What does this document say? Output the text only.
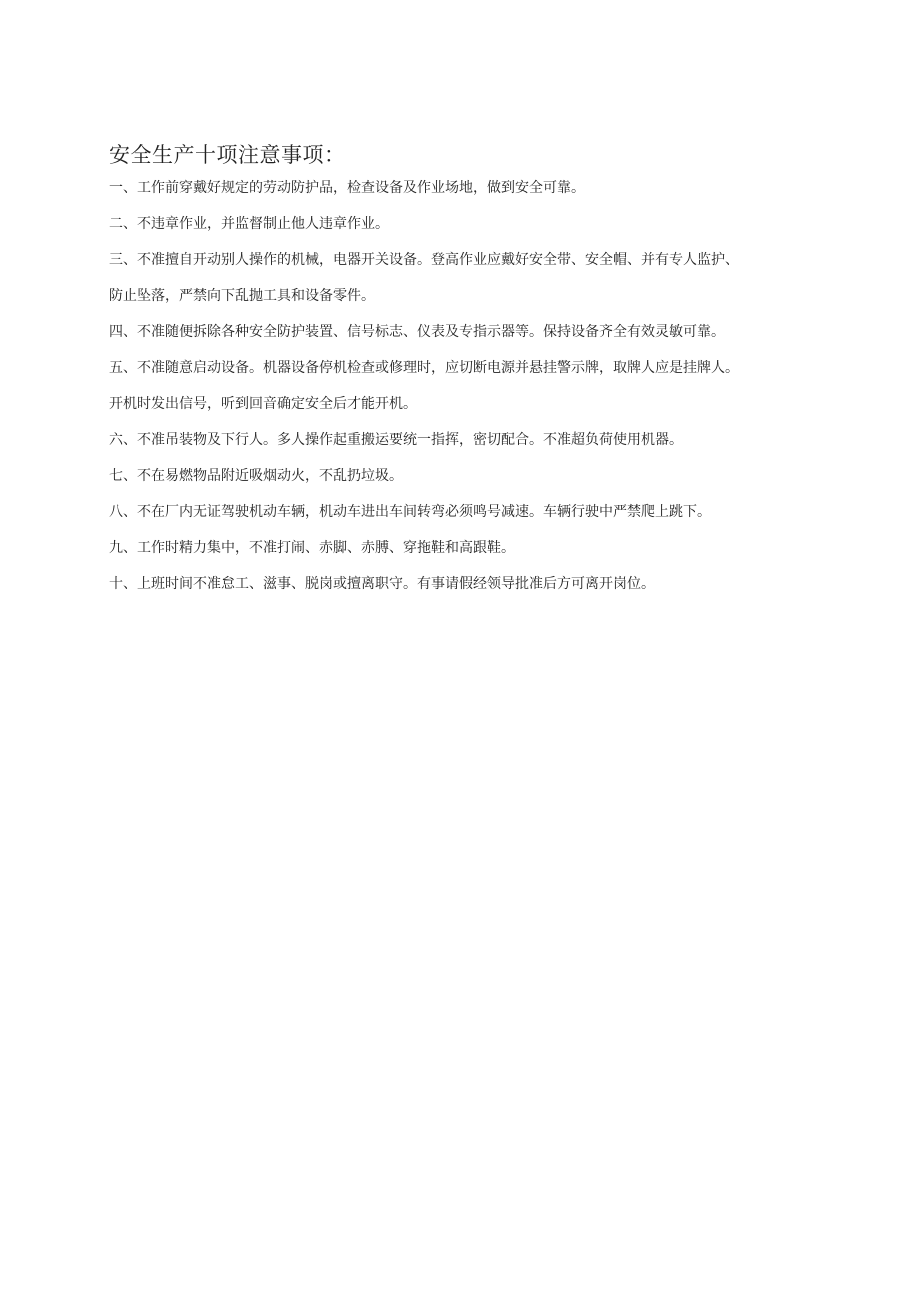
安全生产十项注意事项：
一、工作前穿戴好规定的劳动防护品，检查设备及作业场地，做到安全可靠。
二、不违章作业，并监督制止他人违章作业。
三、不准擅自开动别人操作的机械，电器开关设备。登高作业应戴好安全带、安全帽、并有专人监护、
防止坠落，严禁向下乱抛工具和设备零件。
四、不准随便拆除各种安全防护装置、信号标志、仪表及专指示器等。保持设备齐全有效灵敏可靠。
五、不准随意启动设备。机器设备停机检查或修理时，应切断电源并悬挂警示牌，取牌人应是挂牌人。
开机时发出信号，听到回音确定安全后才能开机。
六、不准吊装物及下行人。多人操作起重搬运要统一指挥，密切配合。不准超负荷使用机器。
七、不在易燃物品附近吸烟动火，不乱扔垃圾。
八、不在厂内无证驾驶机动车辆，机动车进出车间转弯必须鸣号减速。车辆行驶中严禁爬上跳下。
九、工作时精力集中，不准打闹、赤脚、赤膊、穿拖鞋和高跟鞋。
十、上班时间不准怠工、滋事、脱岗或擅离职守。有事请假经领导批准后方可离开岗位。
